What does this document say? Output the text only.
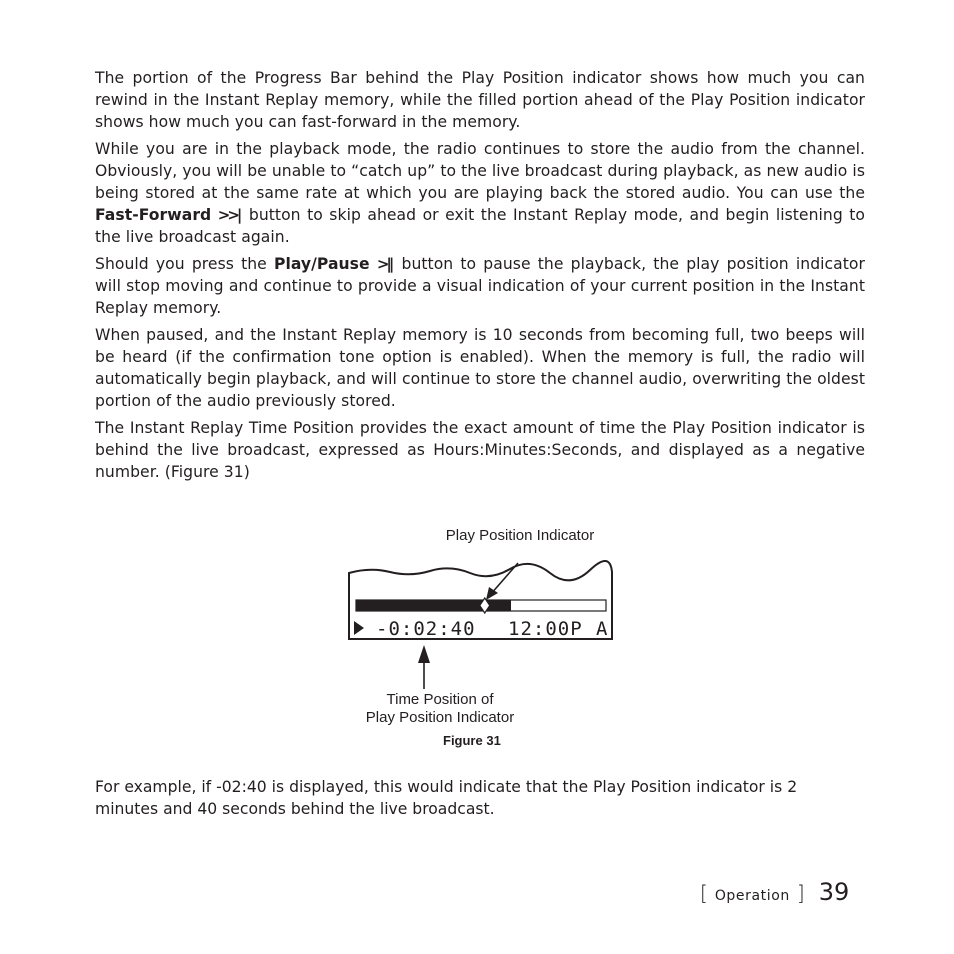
The portion of the Progress Bar behind the Play Position indicator shows how much you can rewind in the Instant Replay memory, while the filled portion ahead of the Play Position indicator shows how much you can fast-forward in the memory.

While you are in the playback mode, the radio continues to store the audio from the channel. Obviously, you will be unable to “catch up” to the live broadcast during playback, as new audio is being stored at the same rate at which you are playing back the stored audio. You can use the Fast-Forward >>| button to skip ahead or exit the Instant Replay mode, and begin listening to the live broadcast again.

Should you press the Play/Pause >|| button to pause the playback, the play position indicator will stop moving and continue to provide a visual indication of your current position in the Instant Replay memory.

When paused, and the Instant Replay memory is 10 seconds from becoming full, two beeps will be heard (if the confirmation tone option is enabled). When the memory is full, the radio will automatically begin playback, and will continue to store the channel audio, overwriting the oldest portion of the audio previously stored.

The Instant Replay Time Position provides the exact amount of time the Play Position indicator is behind the live broadcast, expressed as Hours:Minutes:Seconds, and displayed as a negative number. (Figure 31)

Play Position Indicator
-0:02:40 12:00P A
Time Position of
Play Position Indicator
Figure 31

For example, if -02:40 is displayed, this would indicate that the Play Position indicator is 2 minutes and 40 seconds behind the live broadcast.

[ Operation ] 39
